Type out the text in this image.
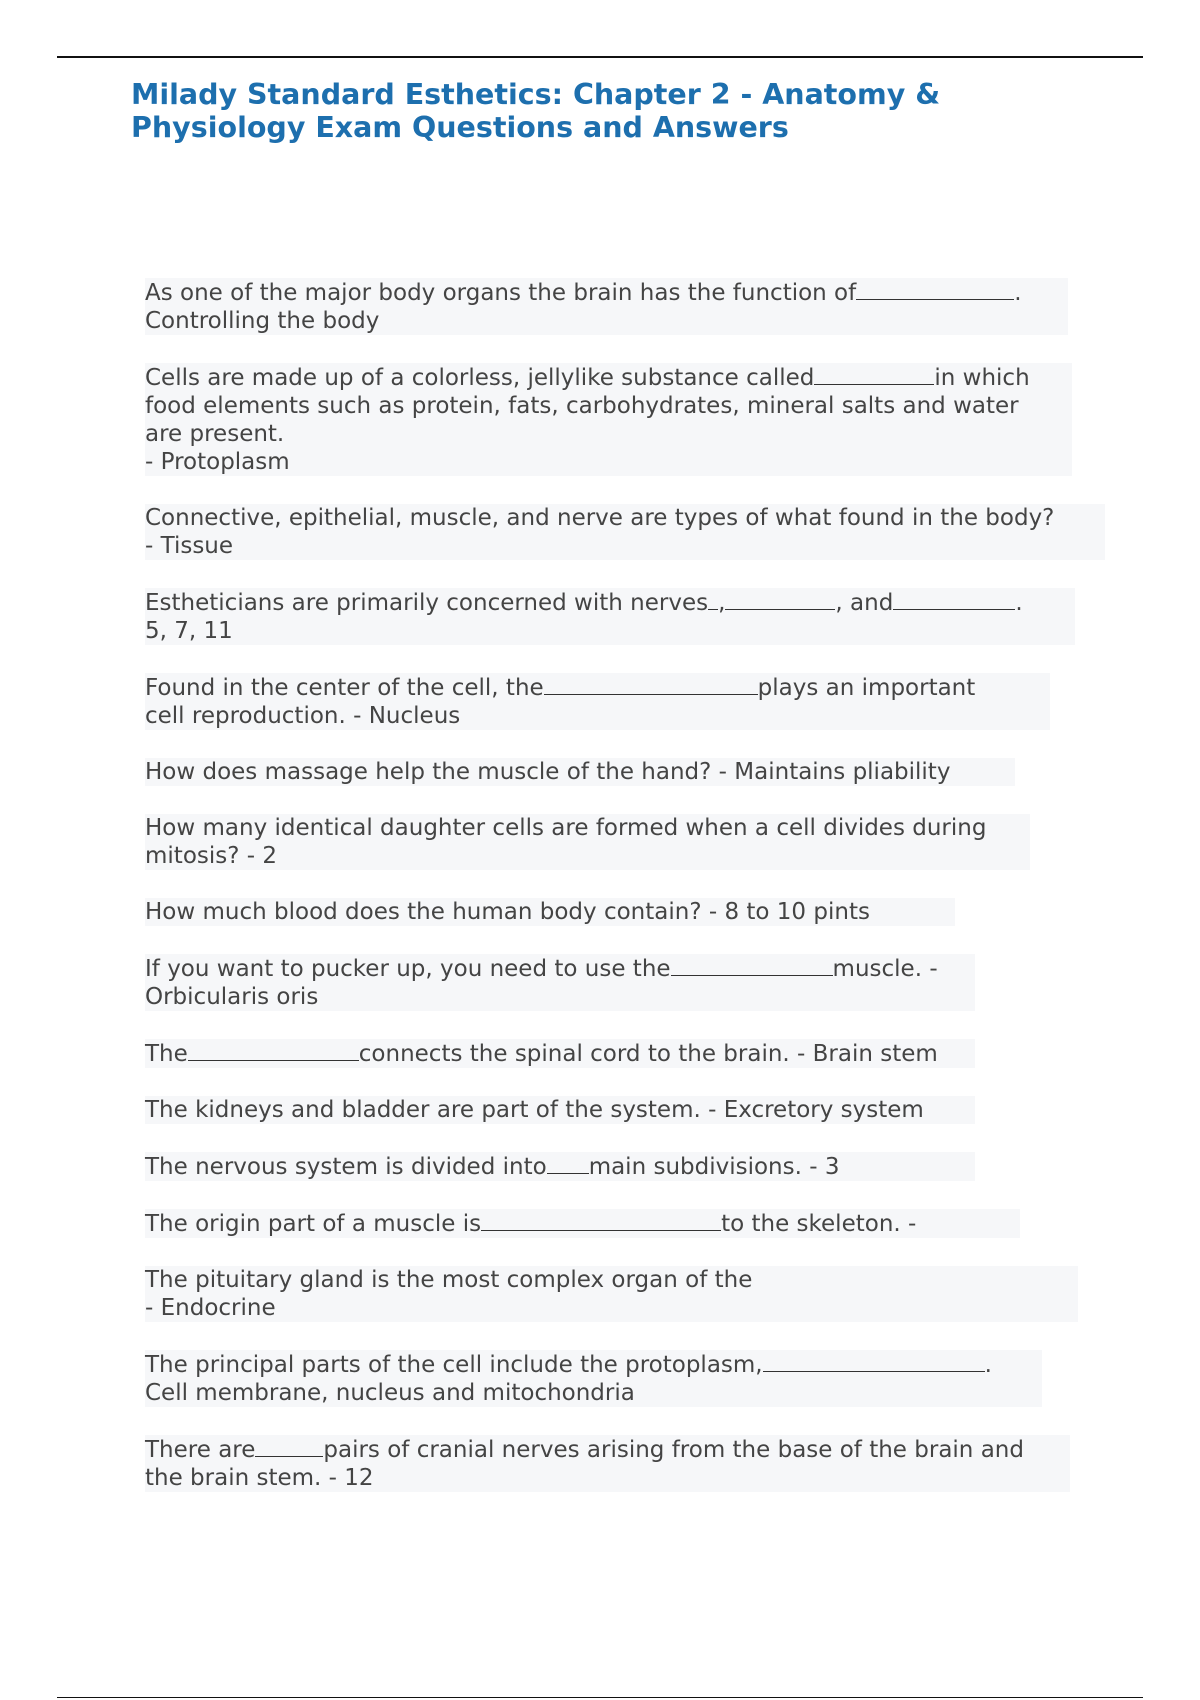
Milady Standard Esthetics: Chapter 2 - Anatomy &
Physiology Exam Questions and Answers
As one of the major body organs the brain has the function of	.
Controlling the body
Cells are made up of a colorless, jellylike substance called	in which
food elements such as protein, fats, carbohydrates, mineral salts and water
are present.
- Protoplasm
Connective, epithelial, muscle, and nerve are types of what found in the body?
- Tissue
Estheticians are primarily concerned with nerves ,	, and	.
5, 7, 11
Found in the center of the cell, the	plays an important
cell reproduction. - Nucleus
How does massage help the muscle of the hand? - Maintains pliability
How many identical daughter cells are formed when a cell divides during
mitosis? - 2
How much blood does the human body contain? - 8 to 10 pints
If you want to pucker up, you need to use the	muscle. -
Orbicularis oris
The	connects the spinal cord to the brain. - Brain stem
The kidneys and bladder are part of the system. - Excretory system
The nervous system is divided into main subdivisions. - 3
The origin part of a muscle is	to the skeleton. -
The pituitary gland is the most complex organ of the
- Endocrine
The principal parts of the cell include the protoplasm,	.
Cell membrane, nucleus and mitochondria
There are	pairs of cranial nerves arising from the base of the brain and
the brain stem. - 12
